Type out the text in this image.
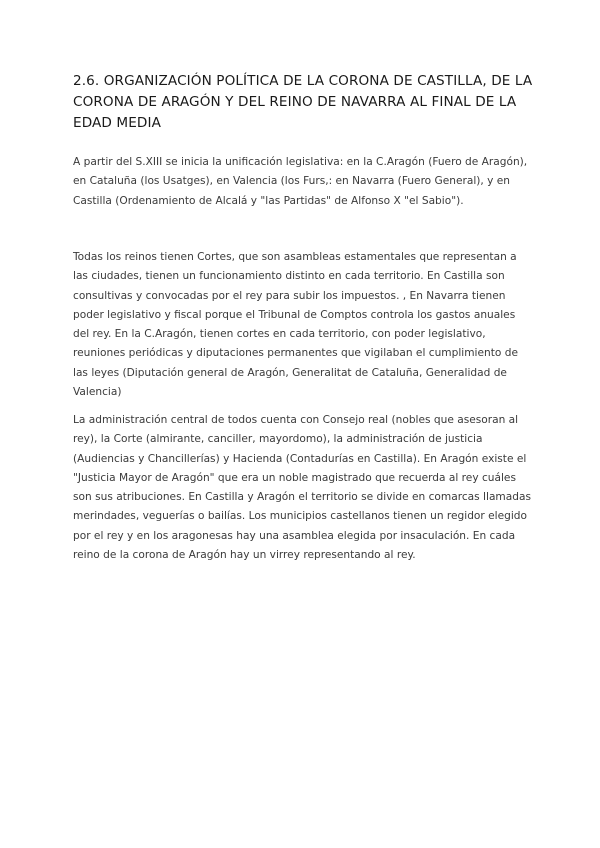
2.6. ORGANIZACIÓN POLÍTICA DE LA CORONA DE CASTILLA, DE LA CORONA DE ARAGÓN Y DEL REINO DE NAVARRA AL FINAL DE LA EDAD MEDIA

A partir del S.XIII se inicia la unificación legislativa: en la C.Aragón (Fuero de Aragón), en Cataluña (los Usatges), en Valencia (los Furs,: en Navarra (Fuero General), y en Castilla (Ordenamiento de Alcalá y "las Partidas" de Alfonso X "el Sabio").

Todas los reinos tienen Cortes, que son asambleas estamentales que representan a las ciudades, tienen un funcionamiento distinto en cada territorio. En Castilla son consultivas y convocadas por el rey para subir los impuestos. , En Navarra tienen poder legislativo y fiscal porque el Tribunal de Comptos controla los gastos anuales del rey. En la C.Aragón, tienen cortes en cada territorio, con poder legislativo, reuniones periódicas y diputaciones permanentes que vigilaban el cumplimiento de las leyes (Diputación general de Aragón, Generalitat de Cataluña, Generalidad de Valencia)

La administración central de todos cuenta con Consejo real (nobles que asesoran al rey), la Corte (almirante, canciller, mayordomo), la administración de justicia (Audiencias y Chancillerías) y Hacienda (Contadurías en Castilla). En Aragón existe el "Justicia Mayor de Aragón" que era un noble magistrado que recuerda al rey cuáles son sus atribuciones. En Castilla y Aragón el territorio se divide en comarcas llamadas merindades, veguerías o bailías. Los municipios castellanos tienen un regidor elegido por el rey y en los aragonesas hay una asamblea elegida por insaculación. En cada reino de la corona de Aragón hay un virrey representando al rey.
